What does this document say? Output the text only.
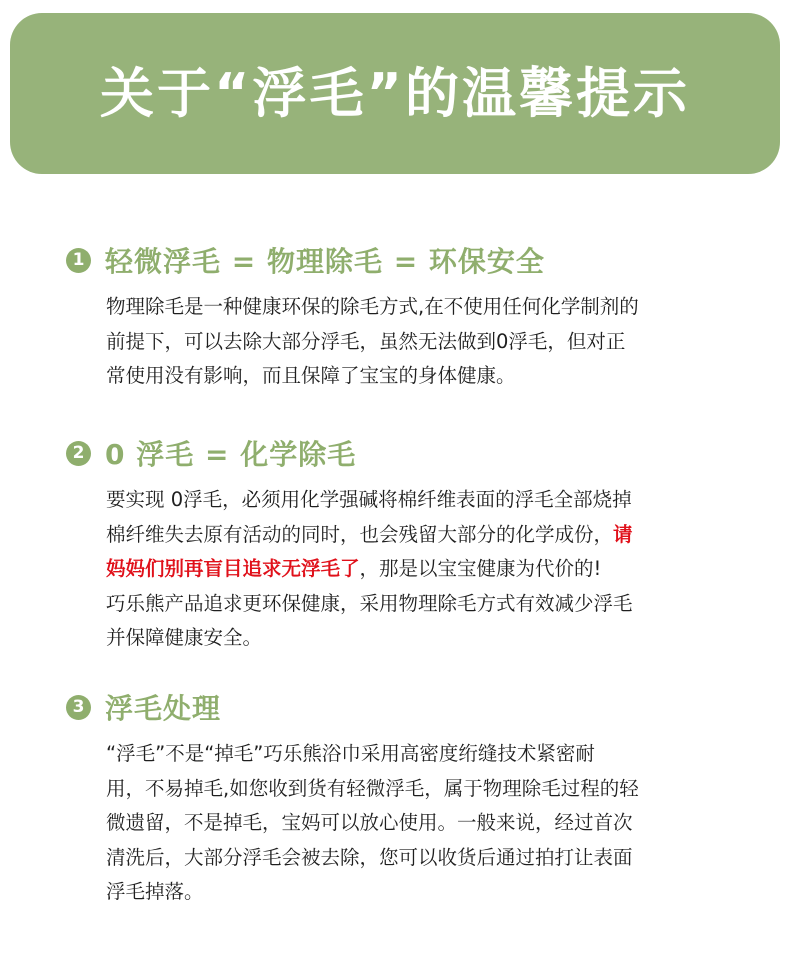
关于“浮毛”的温馨提示
1 轻微浮毛 = 物理除毛 = 环保安全

物理除毛是一种健康环保的除毛方式,在不使用任何化学制剂的
前提下，可以去除大部分浮毛，虽然无法做到0浮毛，但对正
常使用没有影响，而且保障了宝宝的身体健康。

2 0 浮毛 = 化学除毛

要实现 0浮毛，必须用化学强碱将棉纤维表面的浮毛全部烧掉
棉纤维失去原有活动的同时，也会残留大部分的化学成份，请
妈妈们别再盲目追求无浮毛了，那是以宝宝健康为代价的!
巧乐熊产品追求更环保健康，采用物理除毛方式有效减少浮毛
并保障健康安全。

3 浮毛处理

“浮毛”不是“掉毛”巧乐熊浴巾采用高密度绗缝技术紧密耐
用，不易掉毛,如您收到货有轻微浮毛，属于物理除毛过程的轻
微遗留，不是掉毛，宝妈可以放心使用。一般来说，经过首次
清洗后，大部分浮毛会被去除，您可以收货后通过拍打让表面
浮毛掉落。
